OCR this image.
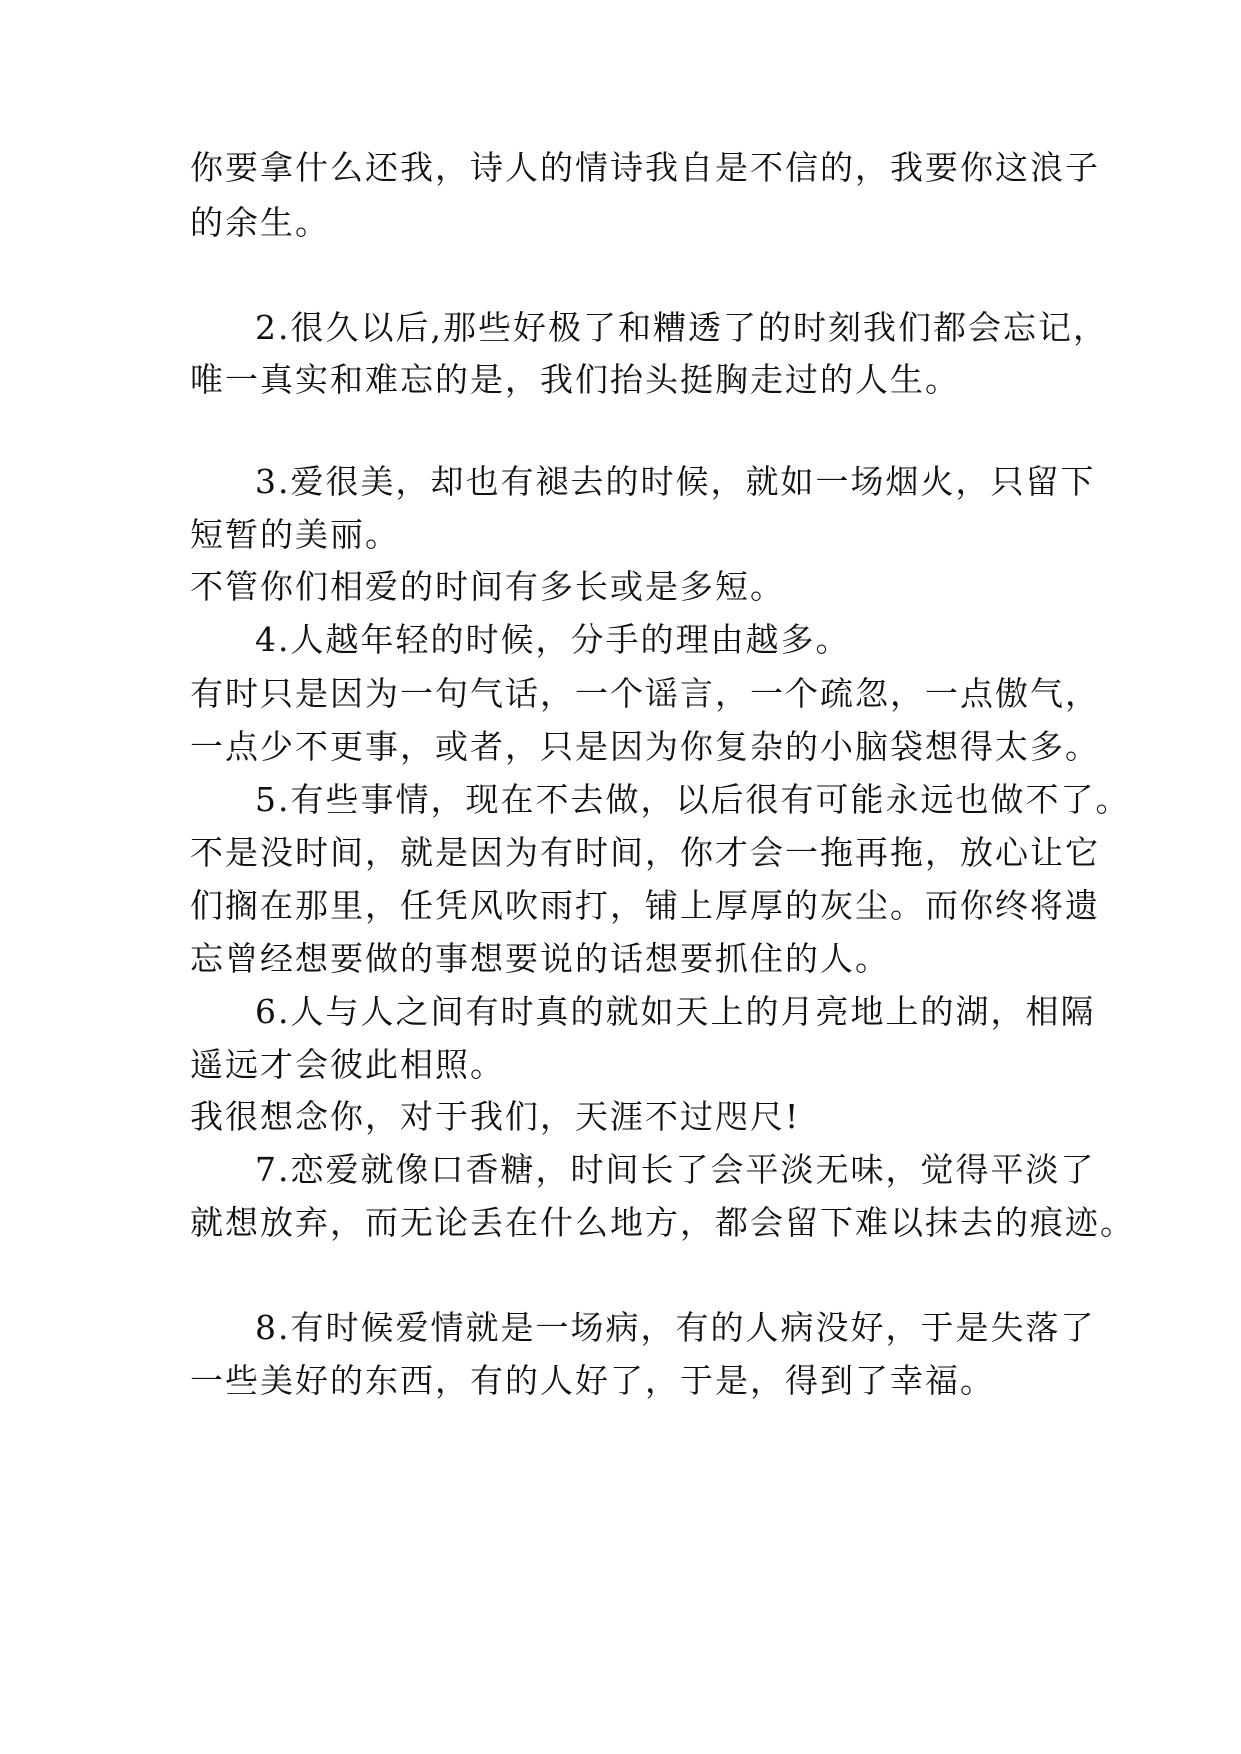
你要拿什么还我，诗人的情诗我自是不信的，我要你这浪子
的余生。
2.很久以后,那些好极了和糟透了的时刻我们都会忘记，
唯一真实和难忘的是，我们抬头挺胸走过的人生。
3.爱很美，却也有褪去的时候，就如一场烟火，只留下
短暂的美丽。
不管你们相爱的时间有多长或是多短。
4.人越年轻的时候，分手的理由越多。
有时只是因为一句气话，一个谣言，一个疏忽，一点傲气，
一点少不更事，或者，只是因为你复杂的小脑袋想得太多。
5.有些事情，现在不去做，以后很有可能永远也做不了。
不是没时间，就是因为有时间，你才会一拖再拖，放心让它
们搁在那里，任凭风吹雨打，铺上厚厚的灰尘。而你终将遗
忘曾经想要做的事想要说的话想要抓住的人。
6.人与人之间有时真的就如天上的月亮地上的湖，相隔
遥远才会彼此相照。
我很想念你，对于我们，天涯不过咫尺!
7.恋爱就像口香糖，时间长了会平淡无味，觉得平淡了
就想放弃，而无论丢在什么地方，都会留下难以抹去的痕迹。
8.有时候爱情就是一场病，有的人病没好，于是失落了
一些美好的东西，有的人好了，于是，得到了幸福。
